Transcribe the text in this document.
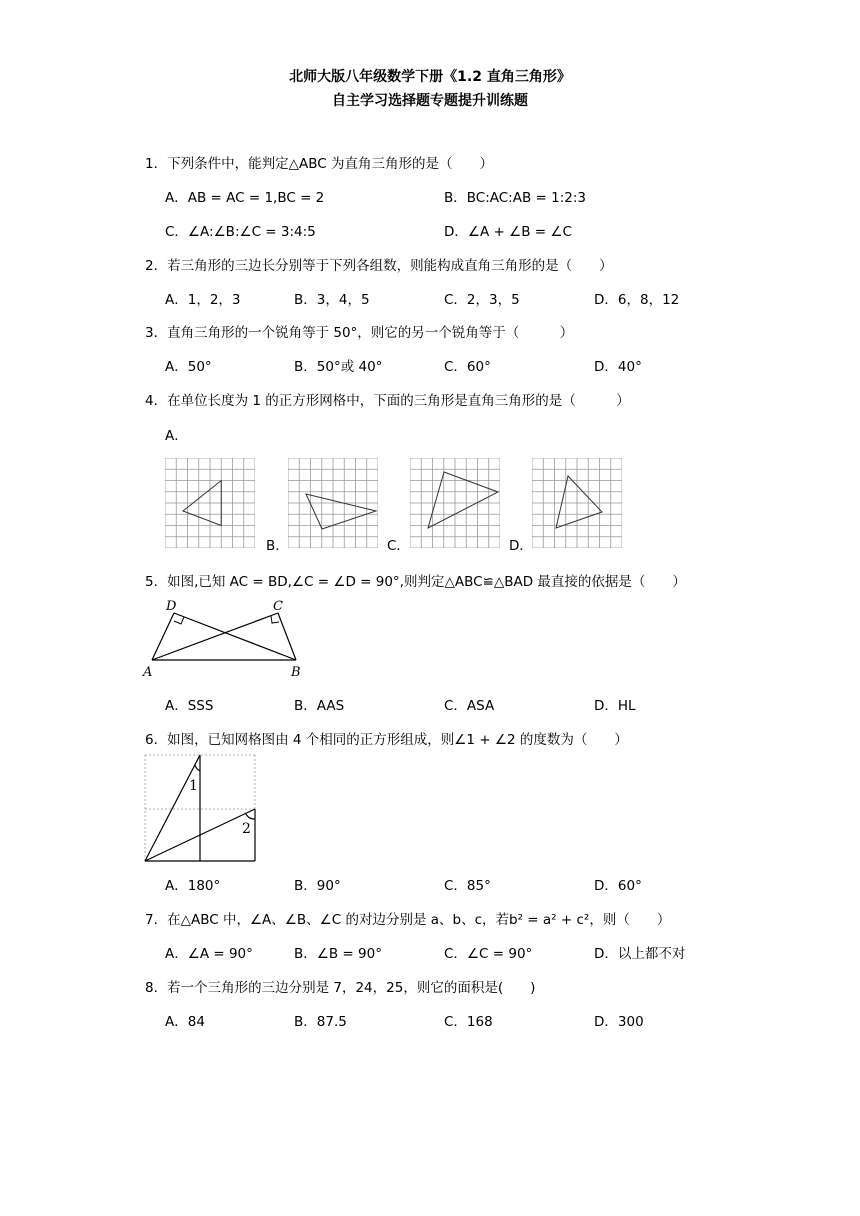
北师大版八年级数学下册《1.2 直角三角形》
自主学习选择题专题提升训练题
1．下列条件中，能判定△ABC 为直角三角形的是（　　）
A．AB = AC = 1,BC = 2	B．BC:AC:AB = 1:2:3
C．∠A:∠B:∠C = 3:4:5	D．∠A + ∠B = ∠C
2．若三角形的三边长分别等于下列各组数，则能构成直角三角形的是（　　）
A．1，2，3	B．3，4，5	C．2，3，5	D．6，8，12
3．直角三角形的一个锐角等于 50°，则它的另一个锐角等于（　　　）
A．50°	B．50°或 40°	C．60°	D．40°
4．在单位长度为 1 的正方形网格中，下面的三角形是直角三角形的是（　　　）
A．
B．	C．	D．
5．如图,已知 AC = BD,∠C = ∠D = 90°,则判定△ABC≌△BAD 最直接的依据是（　　）
D	C
A	B
A．SSS	B．AAS	C．ASA	D．HL
6．如图，已知网格图由 4 个相同的正方形组成，则∠1 + ∠2 的度数为（　　）
1
2
A．180°	B．90°	C．85°	D．60°
7．在△ABC 中，∠A、∠B、∠C 的对边分别是 a、b、c，若b² = a² + c²，则（　　）
A．∠A = 90°	B．∠B = 90°	C．∠C = 90°	D．以上都不对
8．若一个三角形的三边分别是 7，24，25，则它的面积是(　　)
A．84	B．87.5	C．168	D．300
